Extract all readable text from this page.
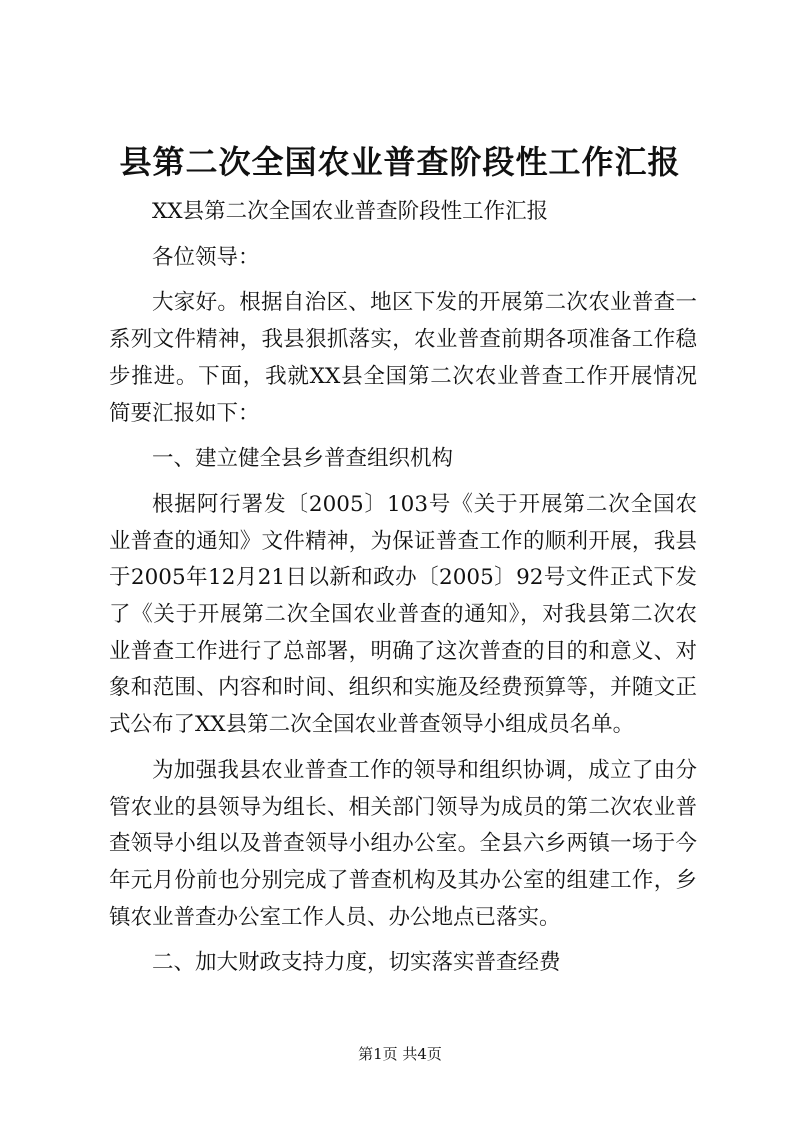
县第二次全国农业普查阶段性工作汇报

XX县第二次全国农业普查阶段性工作汇报

各位领导：

大家好。根据自治区、地区下发的开展第二次农业普查一系列文件精神，我县狠抓落实，农业普查前期各项准备工作稳步推进。下面，我就XX县全国第二次农业普查工作开展情况简要汇报如下：

一、建立健全县乡普查组织机构

根据阿行署发〔2005〕103号《关于开展第二次全国农业普查的通知》文件精神，为保证普查工作的顺利开展，我县于2005年12月21日以新和政办〔2005〕92号文件正式下发了《关于开展第二次全国农业普查的通知》，对我县第二次农业普查工作进行了总部署，明确了这次普查的目的和意义、对象和范围、内容和时间、组织和实施及经费预算等，并随文正式公布了XX县第二次全国农业普查领导小组成员名单。

为加强我县农业普查工作的领导和组织协调，成立了由分管农业的县领导为组长、相关部门领导为成员的第二次农业普查领导小组以及普查领导小组办公室。全县六乡两镇一场于今年元月份前也分别完成了普查机构及其办公室的组建工作，乡镇农业普查办公室工作人员、办公地点已落实。

二、加大财政支持力度，切实落实普查经费

第1页 共4页
